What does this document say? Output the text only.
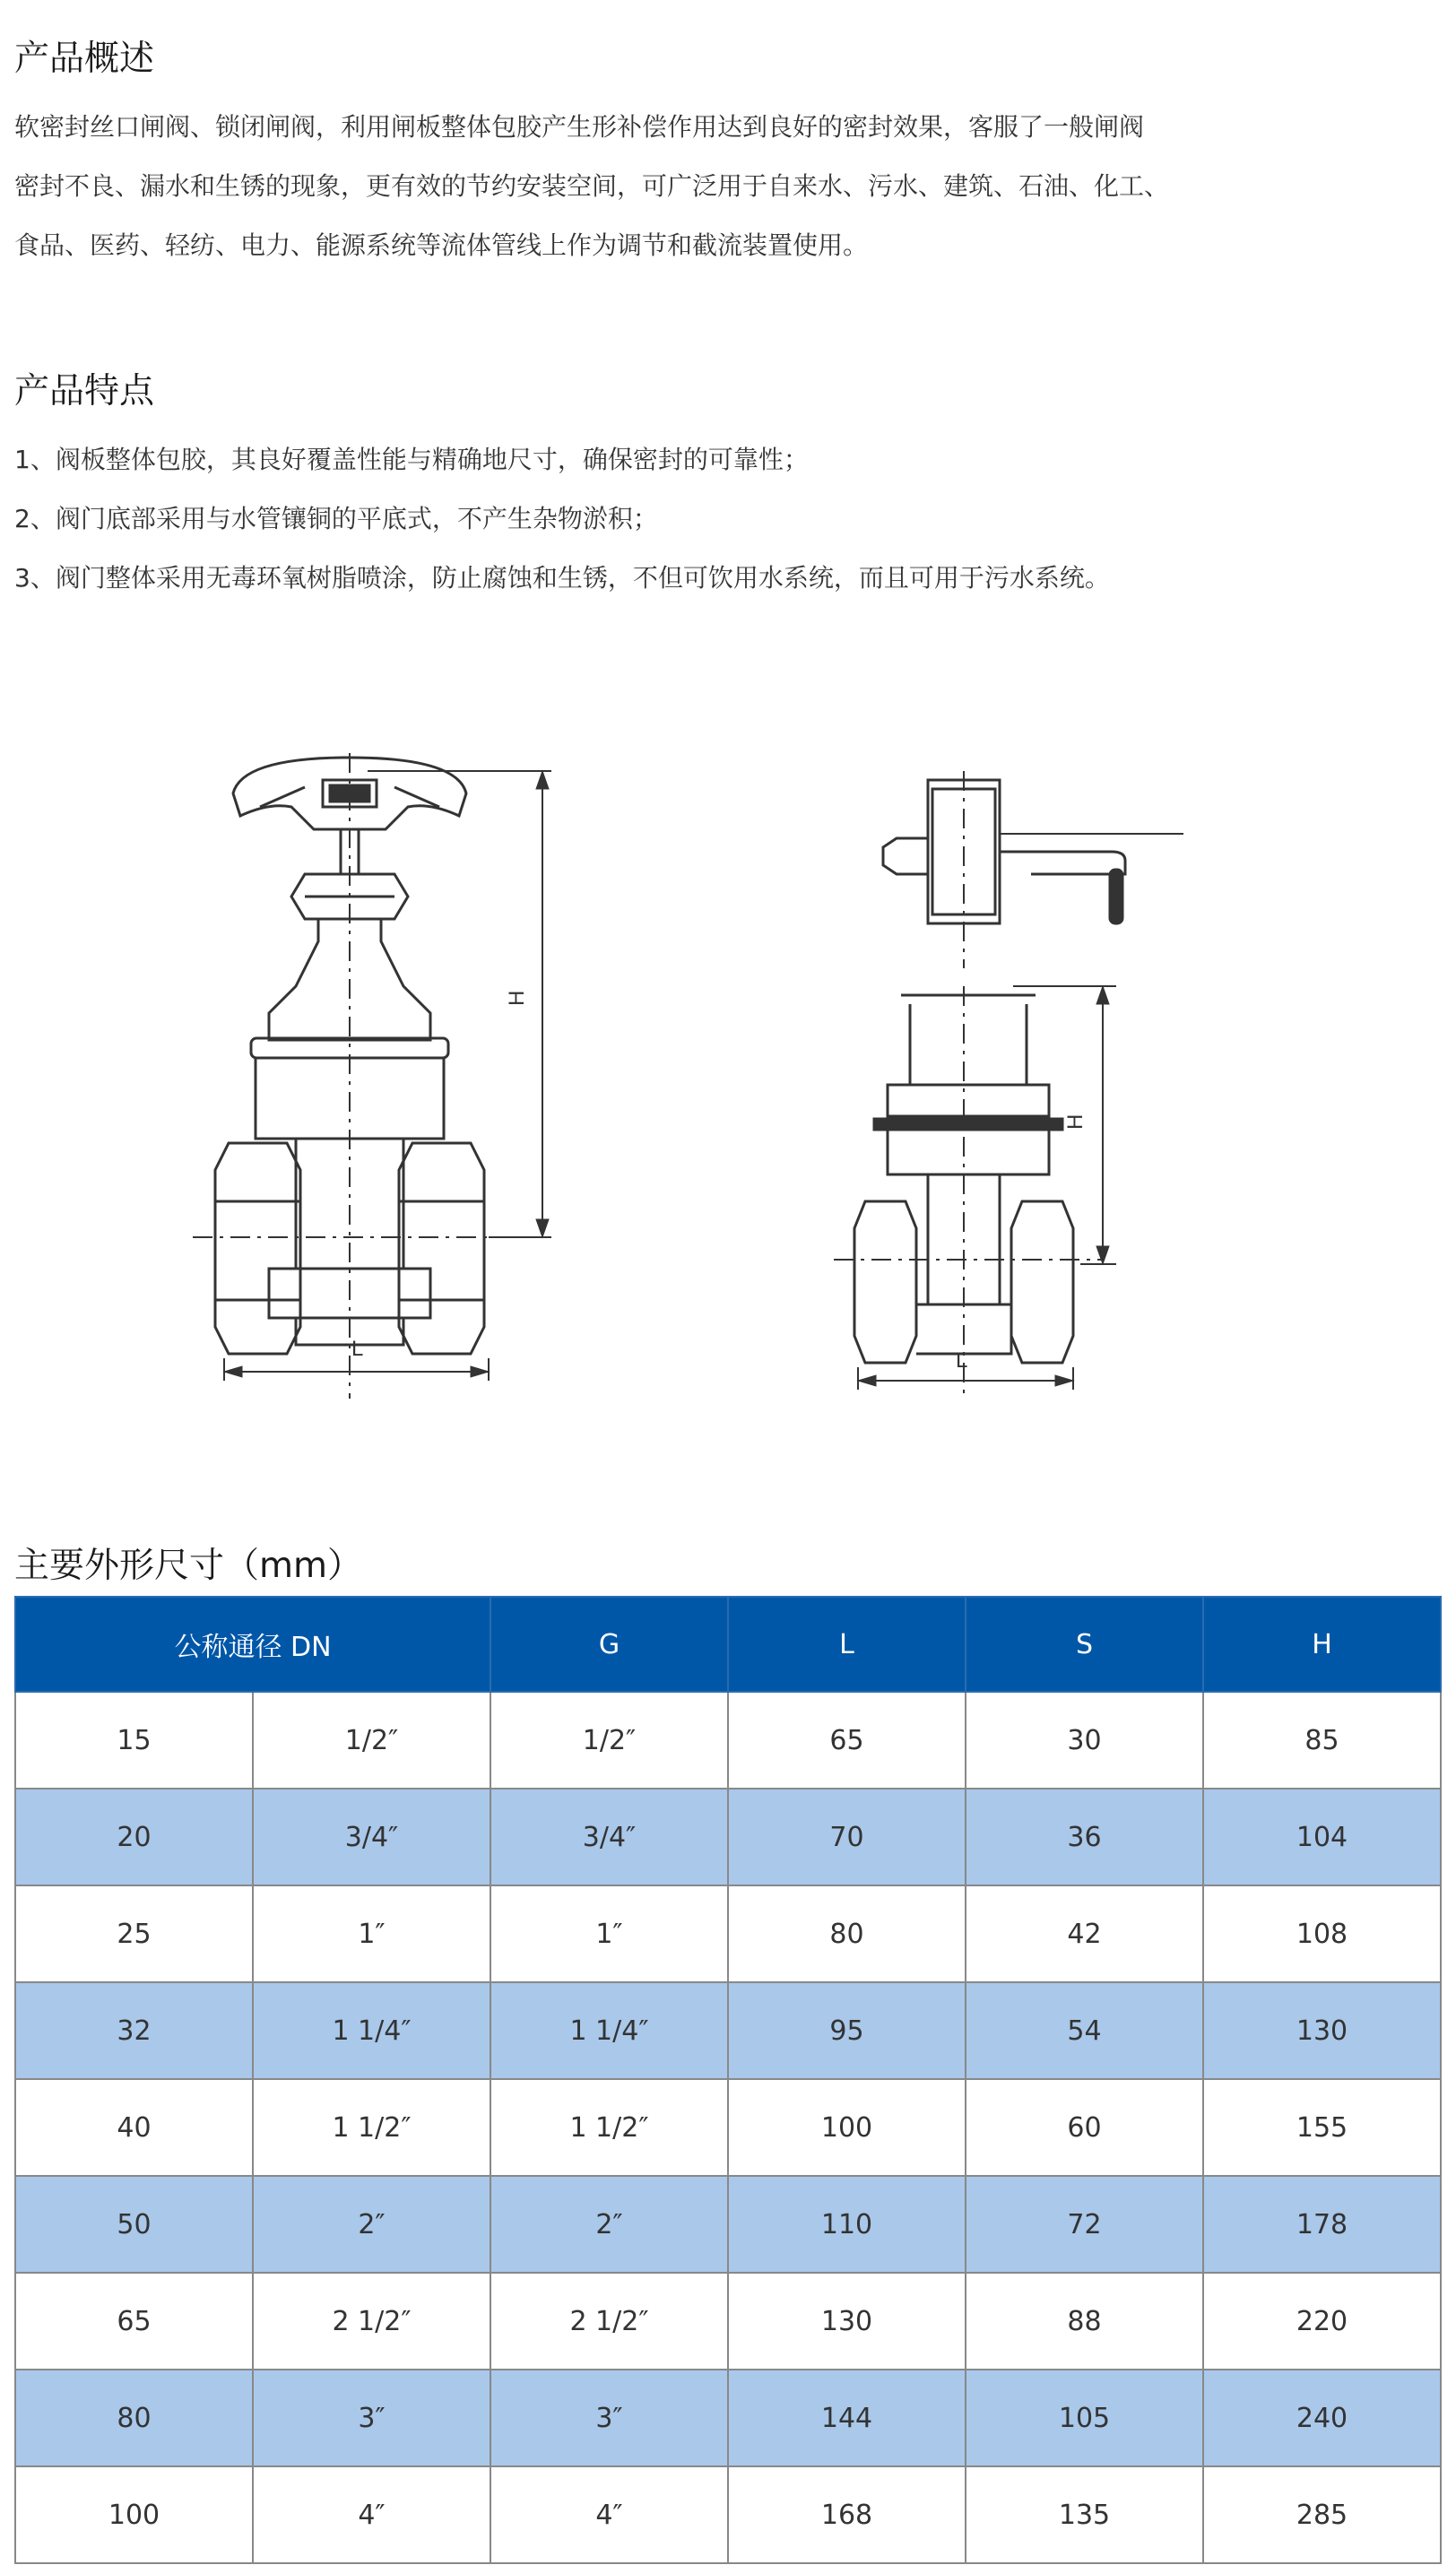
产品概述

软密封丝口闸阀、锁闭闸阀，利用闸板整体包胶产生形补偿作用达到良好的密封效果，客服了一般闸阀

密封不良、漏水和生锈的现象，更有效的节约安装空间，可广泛用于自来水、污水、建筑、石油、化工、

食品、医药、轻纺、电力、能源系统等流体管线上作为调节和截流装置使用。

产品特点

1、阀板整体包胶，其良好覆盖性能与精确地尺寸，确保密封的可靠性；

2、阀门底部采用与水管镶铜的平底式，不产生杂物淤积；

3、阀门整体采用无毒环氧树脂喷涂，防止腐蚀和生锈，不但可饮用水系统，而且可用于污水系统。

H
L
H
L
主要外形尺寸（mm）
公称通径 DN		G	L	S	H
15	1/2″	1/2″	65	30	85
20	3/4″	3/4″	70	36	104
25	1″	1″	80	42	108
32	1 1/4″	1 1/4″	95	54	130
40	1 1/2″	1 1/2″	100	60	155
50	2″	2″	110	72	178
65	2 1/2″	2 1/2″	130	88	220
80	3″	3″	144	105	240
100	4″	4″	168	135	285
